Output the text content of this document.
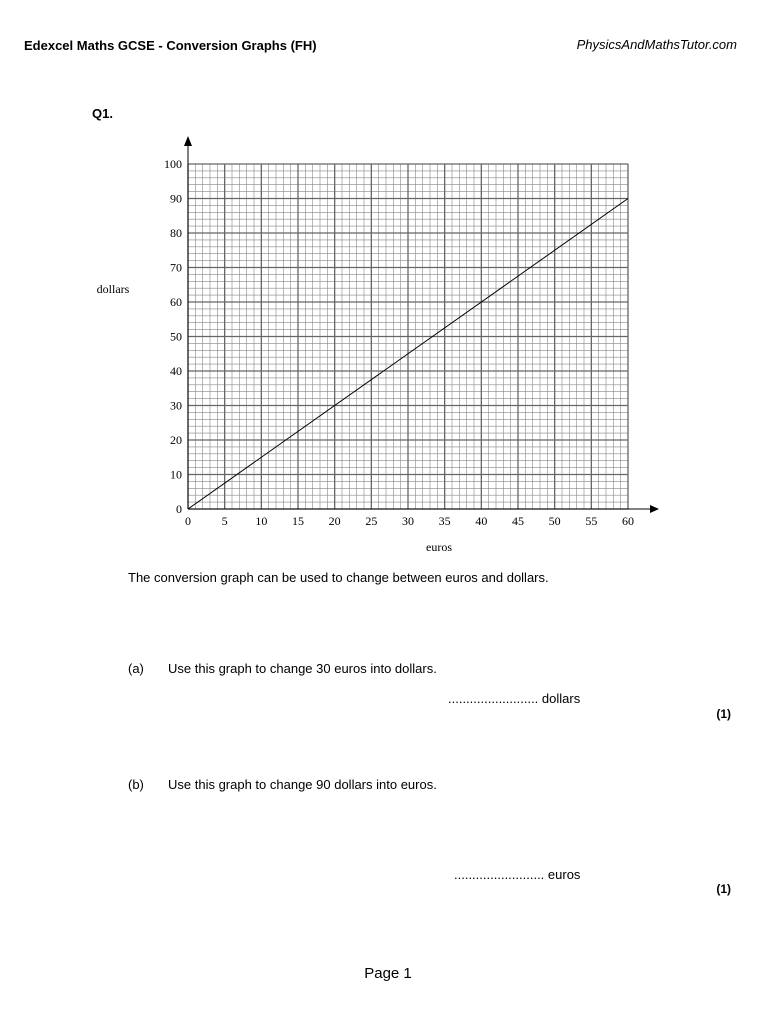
Edexcel Maths GCSE - Conversion Graphs (FH)	PhysicsAndMathsTutor.com
Q1.
0	5 10 15 20 25 30 35 40 45 50 55 60
0
10
20
30
40
50
60
70
80
90
100
euros
dollars
The conversion graph can be used to change between euros and dollars.
(a) Use this graph to change 30 euros into dollars.
......................... dollars
(1)
(b) Use this graph to change 90 dollars into euros.
......................... euros
(1)
Page 1
